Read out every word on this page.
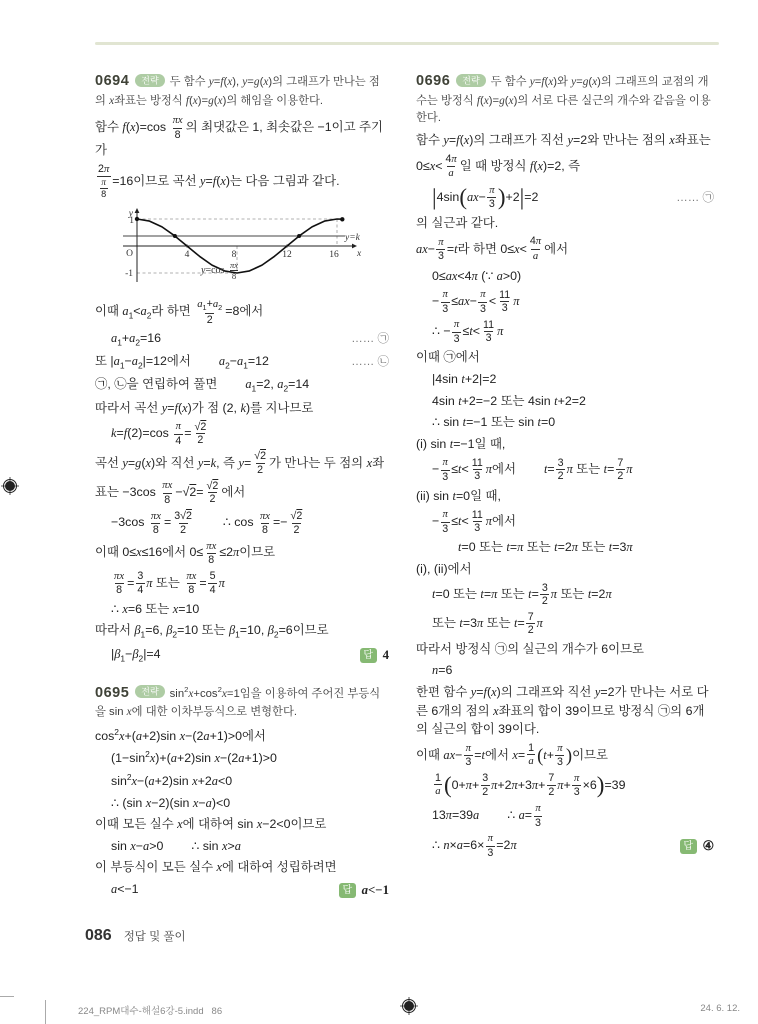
0694 전략 두 함수 y=f(x), y=g(x)의 그래프가 만나는 점의 x좌표는 방정식 f(x)=g(x)의 해임을 이용한다.

함수 $f(x)=\cos \frac{\pi x}{8}$ 의 최댓값은 1, 최솟값은 −1이고 주기가
$\frac{2\pi}{\frac{\pi}{8}} =16$이므로 곡선 y=f(x)는 다음 그림과 같다.
y
1
O	4	8	12	16
-1
x
y=k
$y=\cos \frac{\pi x}{8}$
이때 $a_1<a_2$라 하면 $\frac{a_1+a_2}{2} =8$에서
$a_1+a_2=16$	…… ㉠
또 $|a_1-a_2|=12$에서 $a_2-a_1=12$	…… ㉡
㉠, ㉡을 연립하여 풀면 $a_1=2$, $a_2=14$
따라서 곡선 y=f(x)가 점 (2, k)를 지나므로
$k=f(2)=\cos \frac{\pi}{4} = \frac{√2}{2}$
곡선 y=g(x)와 직선 y=k, 즉 $y= \frac{√2}{2}$ 가 만나는 두 점의 x좌
표는 $-3\cos \frac{\pi x}{8} -√2= \frac{√2}{2}$ 에서
$-3\cos \frac{\pi x}{8} = \frac{3√2}{2}$ ∴ $\cos \frac{\pi x}{8} =- \frac{√2}{2}$
이때 0≤x≤16에서 $0\le \frac{\pi x}{8} \le 2\pi$이므로
$\frac{\pi x}{8} = \frac{3}{4}$ π 또는 $\frac{\pi x}{8} = \frac{5}{4}$ π
∴ x=6 또는 x=10
따라서 $\beta_1=6$, $\beta_2=10$ 또는 $\beta_1=10$, $\beta_2=6$이므로
$|\beta_1-\beta_2|=4$	답 4

0695 전략 $\sin^2x+\cos^2x=1$임을 이용하여 주어진 부등식을 sin x에 대한 이차부등식으로 변형한다.

$\cos^2x+(a+2)\sin$ x−(2a+1)>0에서
$(1-\sin^2x)+(a+2)\sin$ x−(2a+1)>0
$\sin^2x-(a+2)\sin$ x+2a<0
∴ (sin x−2)(sin x−a)<0
이때 모든 실수 x에 대하여 sin x−2<0이므로
sin x−a>0 ∴ sin x>a
이 부등식이 모든 실수 x에 대하여 성립하려면
a<−1	답 a<−1

0696 전략 두 함수 y=f(x)와 y=g(x)의 그래프의 교점의 개수는 방정식 f(x)=g(x)의 서로 다른 실근의 개수와 같음을 이용한다.

함수 y=f(x)의 그래프가 직선 y=2와 만나는 점의 x좌표는
$0\le x< \frac{4\pi}{a}$ 일 때 방정식 f(x)=2, 즉
$|4\sin(ax- \frac{\pi}{3} )+2|=2$	…… ㉠
의 실근과 같다.
$ax- \frac{\pi}{3} =t$라 하면 $0\le x< \frac{4\pi}{a}$ 에서
0≤ax<4π (∵ a>0)
− $\frac{\pi}{3} \le ax- \frac{\pi}{3} < \frac{11}{3}$ π
∴ − $\frac{\pi}{3} \le t< \frac{11}{3}$ π
이때 ㉠에서
|4sin t+2|=2
4sin t+2=−2 또는 4sin t+2=2
∴ sin t=−1 또는 sin t=0
(i) sin t=−1일 때,
− $\frac{\pi}{3} \le t< \frac{11}{3}$ π에서 $t= \frac{3}{2}$ π 또는 $t= \frac{7}{2}$ π
(ii) sin t=0일 때,
− $\frac{\pi}{3} \le t< \frac{11}{3}$ π에서
t=0 또는 t=π 또는 t=2π 또는 t=3π
(i), (ii)에서
t=0 또는 t=π 또는 $t= \frac{3}{2}$ π 또는 t=2π
또는 t=3π 또는 $t= \frac{7}{2}$ π
따라서 방정식 ㉠의 실근의 개수가 6이므로
n=6
한편 함수 y=f(x)의 그래프와 직선 y=2가 만나는 서로 다른 6개의 점의 x좌표의 합이 39이므로 방정식 ㉠의 6개의 실근의 합이 39이다.
이때 $ax- \frac{\pi}{3} =t$에서 $x= \frac{1}{a} (t+ \frac{\pi}{3}$ )이므로
$\frac{1}{a} (0+\pi+ \frac{3}{2} \pi+2\pi+3\pi+ \frac{7}{2} \pi+ \frac{\pi}{3} \times 6)=39$
13π=39a ∴ $a= \frac{\pi}{3}$
∴ $n\times a=6\times \frac{\pi}{3} =2\pi$	답 ④
086 정답 및 풀이
224_RPM대수-해설6강-5.indd 86	24. 6. 12.
